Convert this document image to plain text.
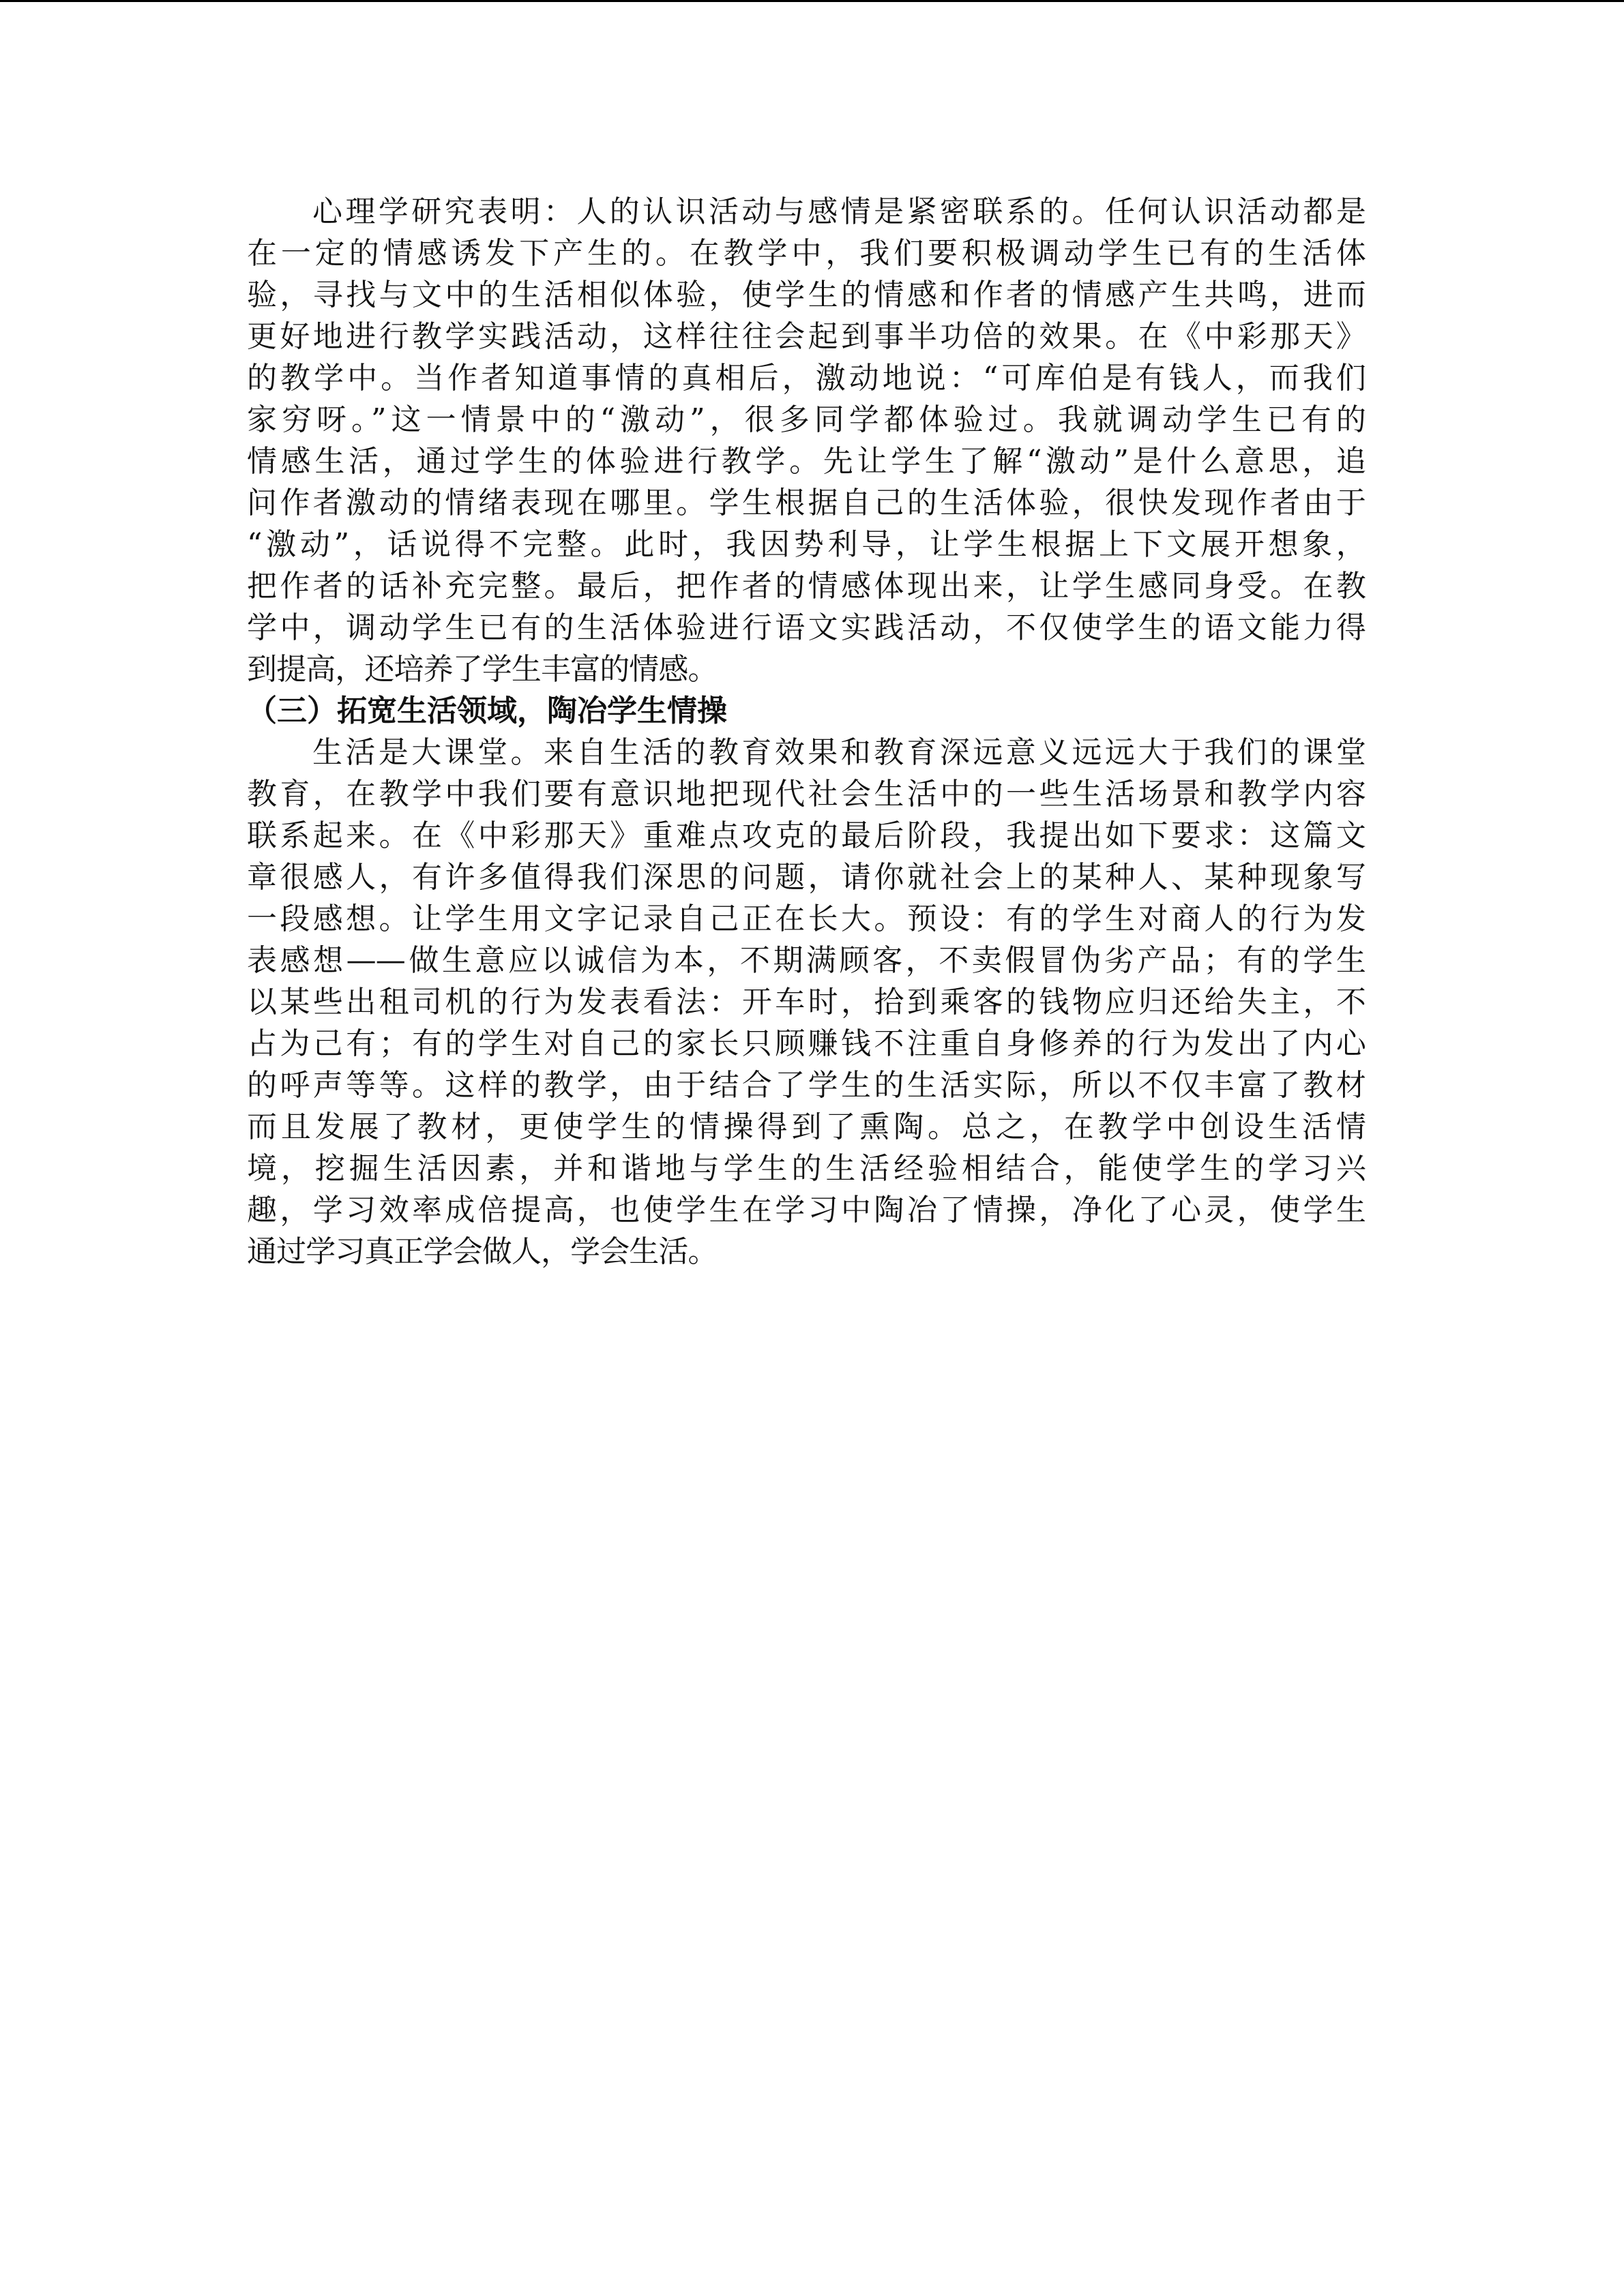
心理学研究表明：人的认识活动与感情是紧密联系的。任何认识活动都是
在一定的情感诱发下产生的。在教学中，我们要积极调动学生已有的生活体
验，寻找与文中的生活相似体验，使学生的情感和作者的情感产生共鸣，进而
更好地进行教学实践活动，这样往往会起到事半功倍的效果。在《中彩那天》
的教学中。当作者知道事情的真相后，激动地说：“可库伯是有钱人，而我们
家穷呀。”这一情景中的“激动”，很多同学都体验过。我就调动学生已有的
情感生活，通过学生的体验进行教学。先让学生了解“激动”是什么意思，追
问作者激动的情绪表现在哪里。学生根据自己的生活体验，很快发现作者由于
“激动”，话说得不完整。此时，我因势利导，让学生根据上下文展开想象，
把作者的话补充完整。最后，把作者的情感体现出来，让学生感同身受。在教
学中，调动学生已有的生活体验进行语文实践活动，不仅使学生的语文能力得
到提高，还培养了学生丰富的情感。
（三）拓宽生活领域，陶冶学生情操
生活是大课堂。来自生活的教育效果和教育深远意义远远大于我们的课堂
教育，在教学中我们要有意识地把现代社会生活中的一些生活场景和教学内容
联系起来。在《中彩那天》重难点攻克的最后阶段，我提出如下要求：这篇文
章很感人，有许多值得我们深思的问题，请你就社会上的某种人、某种现象写
一段感想。让学生用文字记录自己正在长大。预设：有的学生对商人的行为发
表感想——做生意应以诚信为本，不期满顾客，不卖假冒伪劣产品；有的学生
以某些出租司机的行为发表看法：开车时，拾到乘客的钱物应归还给失主，不
占为己有；有的学生对自己的家长只顾赚钱不注重自身修养的行为发出了内心
的呼声等等。这样的教学，由于结合了学生的生活实际，所以不仅丰富了教材
而且发展了教材，更使学生的情操得到了熏陶。总之，在教学中创设生活情
境，挖掘生活因素，并和谐地与学生的生活经验相结合，能使学生的学习兴
趣，学习效率成倍提高，也使学生在学习中陶冶了情操，净化了心灵，使学生
通过学习真正学会做人，学会生活。
